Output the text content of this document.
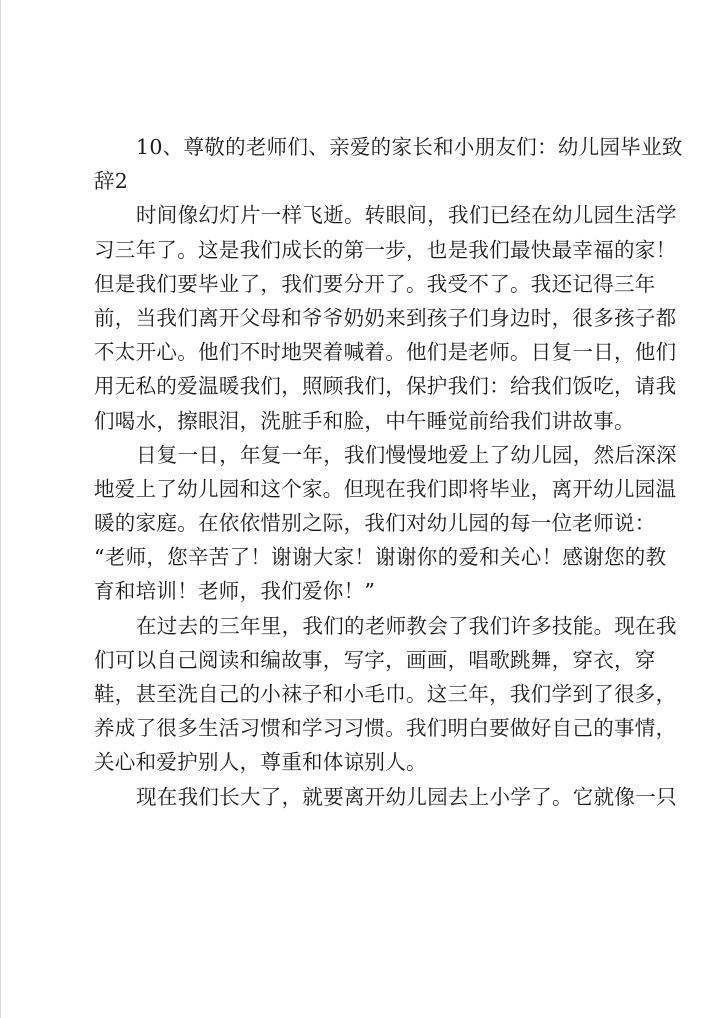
10、尊敬的老师们、亲爱的家长和小朋友们：幼儿园毕业致
辞2
时间像幻灯片一样飞逝。转眼间，我们已经在幼儿园生活学
习三年了。这是我们成长的第一步，也是我们最快最幸福的家！
但是我们要毕业了，我们要分开了。我受不了。我还记得三年
前，当我们离开父母和爷爷奶奶来到孩子们身边时，很多孩子都
不太开心。他们不时地哭着喊着。他们是老师。日复一日，他们
用无私的爱温暖我们，照顾我们，保护我们：给我们饭吃，请我
们喝水，擦眼泪，洗脏手和脸，中午睡觉前给我们讲故事。
日复一日，年复一年，我们慢慢地爱上了幼儿园，然后深深
地爱上了幼儿园和这个家。但现在我们即将毕业，离开幼儿园温
暖的家庭。在依依惜别之际，我们对幼儿园的每一位老师说：
“老师，您辛苦了！谢谢大家！谢谢你的爱和关心！感谢您的教
育和培训！老师，我们爱你！”
在过去的三年里，我们的老师教会了我们许多技能。现在我
们可以自己阅读和编故事，写字，画画，唱歌跳舞，穿衣，穿
鞋，甚至洗自己的小袜子和小毛巾。这三年，我们学到了很多，
养成了很多生活习惯和学习习惯。我们明白要做好自己的事情，
关心和爱护别人，尊重和体谅别人。
现在我们长大了，就要离开幼儿园去上小学了。它就像一只
